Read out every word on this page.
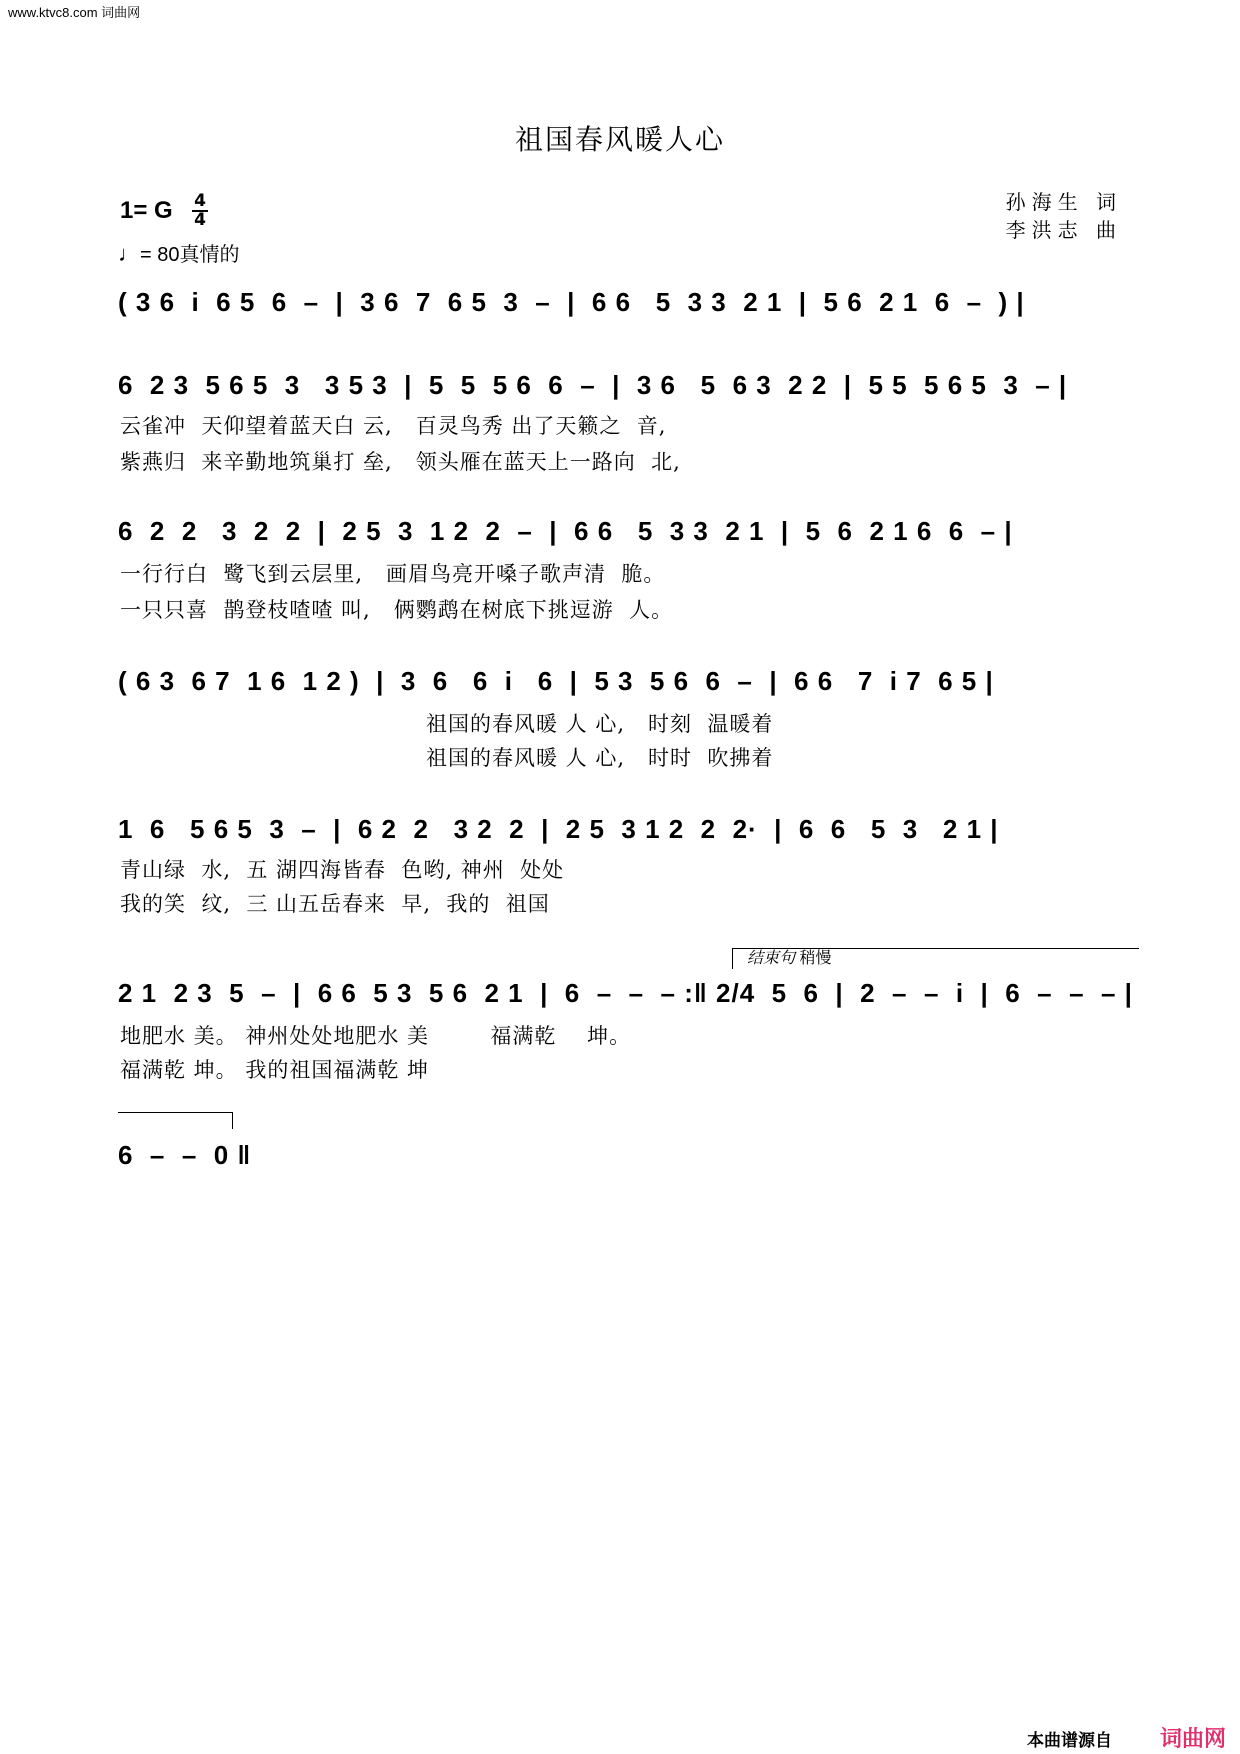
www.ktvc8.com 词曲网
祖国春风暖人心
1= G 4
4
♩= 80真情的
孙海生 词
李洪志 曲
( 3 6  i  6 5  6  –  |  3 6  7  6 5  3  –  |  6 6   5  3 3  2 1  |  5 6  2 1  6  –  ) |
6  2 3  5 6 5  3   3 5 3  |  5  5  5 6  6  –  |  3 6   5  6 3  2 2  |  5 5  5 6 5  3  – |
云雀冲  天仰望着蓝天白 云,   百灵鸟秀 出了天籁之  音,
紫燕归  来辛勤地筑巢打 垒,   领头雁在蓝天上一路向  北,
6  2  2   3  2  2  |  2 5  3  1 2  2  –  |  6 6   5  3 3  2 1  |  5  6  2 1 6  6  – |
一行行白  鹭飞到云层里,   画眉鸟亮开嗓子歌声清  脆。
一只只喜  鹊登枝喳喳 叫,   俩鹦鹉在树底下挑逗游  人。
( 6 3  6 7  1 6  1 2 )  |  3  6   6  i   6  |  5 3  5 6  6  –  |  6 6   7  i 7  6 5 |
祖国的春风暖 人 心,   时刻  温暖着
祖国的春风暖 人 心,   时时  吹拂着
1  6   5 6 5  3  –  |  6 2  2   3 2  2  |  2 5  3 1 2  2  2·  |  6  6   5  3   2 1 |
青山绿  水,  五 湖四海皆春  色哟, 神州  处处
我的笑  纹,  三 山五岳春来  早,  我的  祖国
结束句 稍慢
2 1  2 3  5  –  |  6 6  5 3  5 6  2 1  |  6  –  –  – :‖ 2/4  5  6  |  2  –  –  i  |  6  –  –  – |
地肥水 美。 神州处处地肥水 美        福满乾    坤。
福满乾 坤。 我的祖国福满乾 坤
6  –  –  0 ‖
本曲谱源自 词曲网
